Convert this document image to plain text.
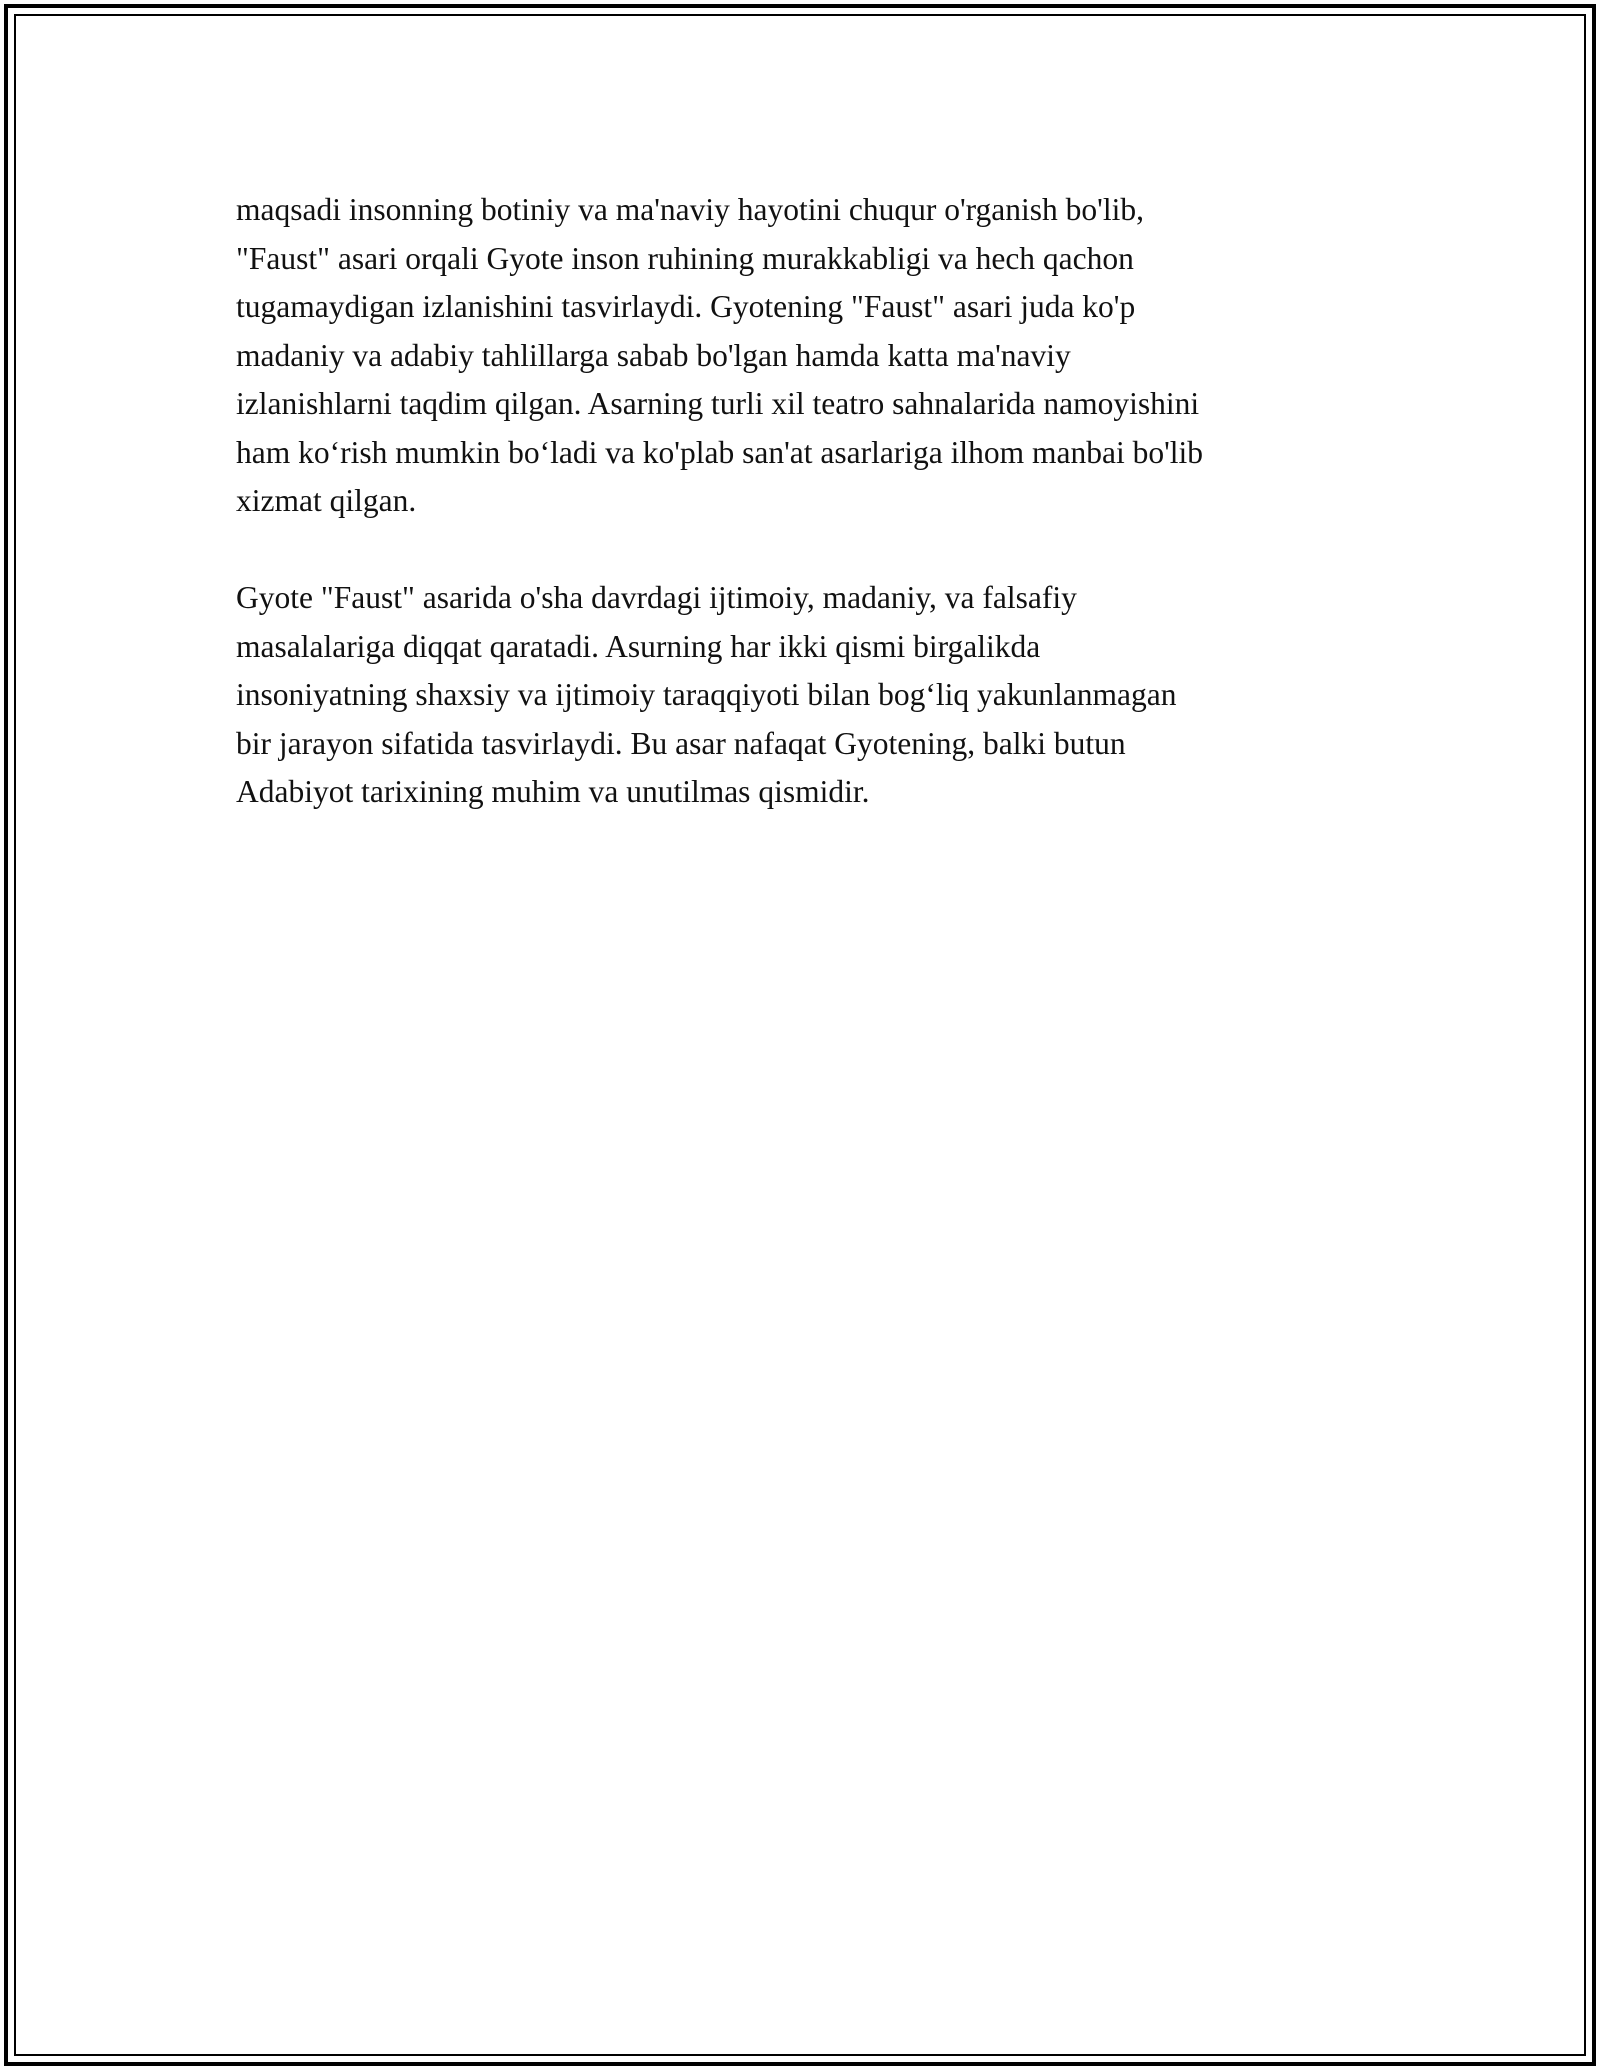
maqsadi insonning botiniy va ma'naviy hayotini chuqur o'rganish bo'lib,
"Faust" asari orqali Gyote inson ruhining murakkabligi va hech qachon
tugamaydigan izlanishini tasvirlaydi. Gyotening "Faust" asari juda ko'p
madaniy va adabiy tahlillarga sabab bo'lgan hamda katta ma'naviy
izlanishlarni taqdim qilgan. Asarning turli xil teatro sahnalarida namoyishini
ham ko‘rish mumkin bo‘ladi va ko'plab san'at asarlariga ilhom manbai bo'lib
xizmat qilgan.

Gyote "Faust" asarida o'sha davrdagi ijtimoiy, madaniy, va falsafiy
masalalariga diqqat qaratadi. Asurning har ikki qismi birgalikda
insoniyatning shaxsiy va ijtimoiy taraqqiyoti bilan bog‘liq yakunlanmagan
bir jarayon sifatida tasvirlaydi. Bu asar nafaqat Gyotening, balki butun
Adabiyot tarixining muhim va unutilmas qismidir.
